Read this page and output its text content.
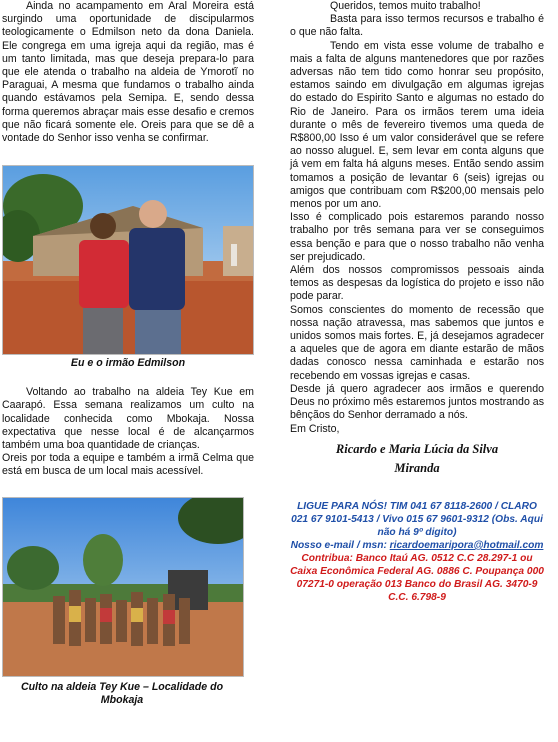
Ainda no acampamento em Aral Moreira está surgindo uma oportunidade de discipularmos teologicamente o Edmilson neto da dona Daniela. Ele congrega em uma igreja aqui da região, mas é um tanto limitada, mas que deseja prepara-lo para que ele atenda o trabalho na aldeia de Ymorotĩ no Paraguai, A mesma que fundamos o trabalho ainda quando estávamos pela Semipa. E, sendo dessa forma queremos abraçar mais esse desafio e cremos que não ficará somente ele. Oreis para que se dê a vontade do Senhor isso venha se confirmar.

Eu e o irmão Edmilson

Voltando ao trabalho na aldeia Tey Kue em Caarapó. Essa semana realizamos um culto na localidade conhecida como Mbokaja. Nossa expectativa que nesse local é de alcançarmos também uma boa quantidade de crianças.

Oreis por toda a equipe e também a irmã Celma que está em busca de um local mais acessível.

Culto na aldeia Tey Kue – Localidade do Mbokaja

Queridos, temos muito trabalho!

Basta para isso termos recursos e trabalho é o que não falta.

Tendo em vista esse volume de trabalho e mais a falta de alguns mantenedores que por razões adversas não tem tido como honrar seu propósito, estamos saindo em divulgação em algumas igrejas do estado do Espirito Santo e algumas no estado do Rio de Janeiro. Para os irmãos terem uma ideia durante o mês de fevereiro tivemos uma queda de R$800,00 Isso é um valor considerável que se refere ao nosso aluguel. E, sem levar em conta alguns que já vem em falta há alguns meses. Então sendo assim tomamos a posição de levantar 6 (seis) igrejas ou amigos que contribuam com R$200,00 mensais pelo menos por um ano.

Isso é complicado pois estaremos parando nosso trabalho por três semana para ver se conseguimos essa benção e para que o nosso trabalho não venha ser prejudicado.

Além dos nossos compromissos pessoais ainda temos as despesas da logística do projeto e isso não pode parar.

Somos conscientes do momento de recessão que nossa nação atravessa, mas sabemos que juntos e unidos somos mais fortes. E, já desejamos agradecer a aqueles que de agora em diante estarão de mãos dadas conosco nessa caminhada e estarão nos recebendo em vossas igrejas e casas.

Desde já quero agradecer aos irmãos e querendo Deus no próximo mês estaremos juntos mostrando as bênçãos do Senhor derramado a nós.

Em Cristo,

Ricardo e Maria Lúcia da Silva
Miranda
LIGUE PARA NÓS! TIM 041 67 8118-2600 / CLARO 021 67 9101-5413 / Vivo 015 67 9601-9312 (Obs. Aqui não há 9º digito)
Nosso e-mail / msn: ricardoemaripora@hotmail.com
Contribua: Banco Itaú AG. 0512 C.C 28.297-1 ou Caixa Econômica Federal AG. 0886 C. Poupança 000 07271-0 operação 013 Banco do Brasil AG. 3470-9 C.C. 6.798-9
